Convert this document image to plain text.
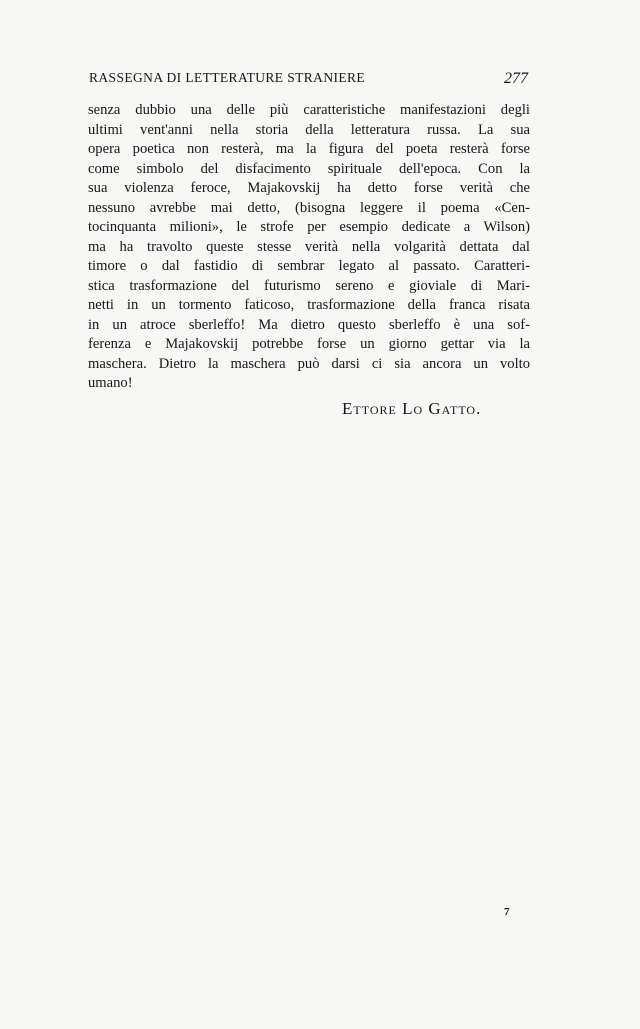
RASSEGNA DI LETTERATURE STRANIERE	277
senza dubbio una delle più caratteristiche manifestazioni degli
ultimi vent'anni nella storia della letteratura russa. La sua
opera poetica non resterà, ma la figura del poeta resterà forse
come simbolo del disfacimento spirituale dell'epoca. Con la
sua violenza feroce, Majakovskij ha detto forse verità che
nessuno avrebbe mai detto, (bisogna leggere il poema «Cen-
tocinquanta milioni», le strofe per esempio dedicate a Wilson)
ma ha travolto queste stesse verità nella volgarità dettata dal
timore o dal fastidio di sembrar legato al passato. Caratteri-
stica trasformazione del futurismo sereno e gioviale di Mari-
netti in un tormento faticoso, trasformazione della franca risata
in un atroce sberleffo! Ma dietro questo sberleffo è una sof-
ferenza e Majakovskij potrebbe forse un giorno gettar via la
maschera. Dietro la maschera può darsi ci sia ancora un volto
umano!
Ettore Lo Gatto.
7
